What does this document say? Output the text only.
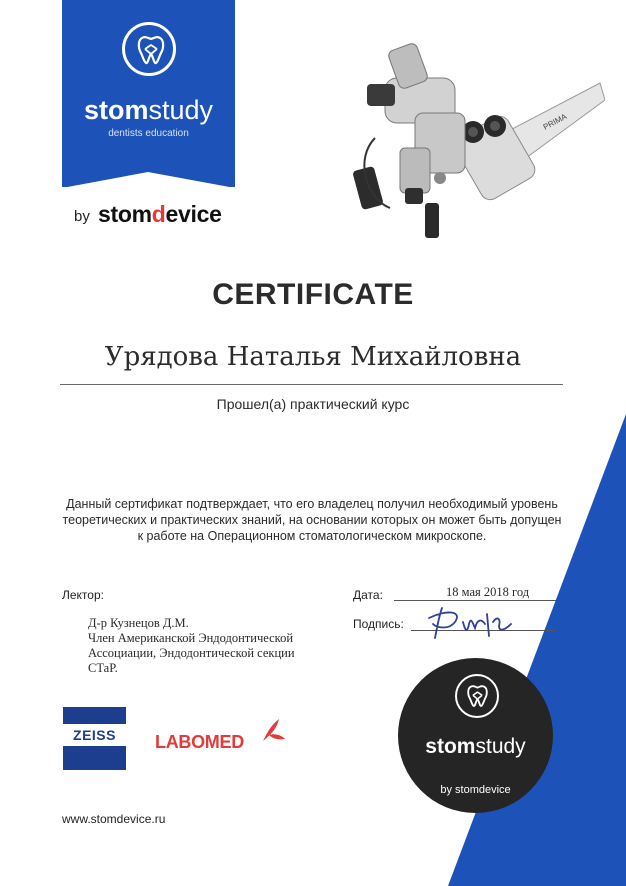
stomstudy
dentists education
by stomdevice
PRIMA
CERTIFICATE
Урядова Наталья Михайловна
Прошел(а) практический курс
Данный сертификат подтверждает, что его владелец получил необходимый уровень
теоретических и практических знаний, на основании которых он может быть допущен
к работе на Операционном стоматологическом микроскопе.
Лектор:
Д-р Кузнецов Д.М.
Член Американской Эндодонтической
Ассоциации, Эндодонтической секции
СТаР.
Дата:	18 мая 2018 год
Подпись:
stomstudy
by stomdevice
ZEISS	LABOMED
www.stomdevice.ru
